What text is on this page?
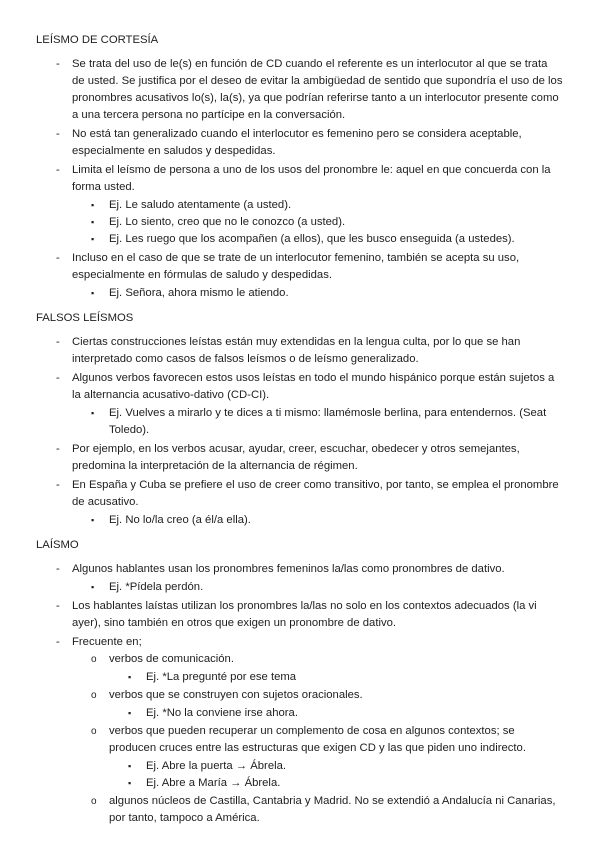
LEÍSMO DE CORTESÍA
- Se trata del uso de le(s) en función de CD cuando el referente es un interlocutor al que se trata de usted. Se justifica por el deseo de evitar la ambigüedad de sentido que supondría el uso de los pronombres acusativos lo(s), la(s), ya que podrían referirse tanto a un interlocutor presente como a una tercera persona no partícipe en la conversación.
- No está tan generalizado cuando el interlocutor es femenino pero se considera aceptable, especialmente en saludos y despedidas.
- Limita el leísmo de persona a uno de los usos del pronombre le: aquel en que concuerda con la forma usted.
▪ Ej. Le saludo atentamente (a usted).
▪ Ej. Lo siento, creo que no le conozco (a usted).
▪ Ej. Les ruego que los acompañen (a ellos), que les busco enseguida (a ustedes).
- Incluso en el caso de que se trate de un interlocutor femenino, también se acepta su uso, especialmente en fórmulas de saludo y despedidas.
▪ Ej. Señora, ahora mismo le atiendo.
FALSOS LEÍSMOS
- Ciertas construcciones leístas están muy extendidas en la lengua culta, por lo que se han interpretado como casos de falsos leísmos o de leísmo generalizado.
- Algunos verbos favorecen estos usos leístas en todo el mundo hispánico porque están sujetos a la alternancia acusativo-dativo (CD-CI).
▪ Ej. Vuelves a mirarlo y te dices a ti mismo: llamémosle berlina, para entendernos. (Seat Toledo).
- Por ejemplo, en los verbos acusar, ayudar, creer, escuchar, obedecer y otros semejantes, predomina la interpretación de la alternancia de régimen.
- En España y Cuba se prefiere el uso de creer como transitivo, por tanto, se emplea el pronombre de acusativo.
▪ Ej. No lo/la creo (a él/a ella).
LAÍSMO
- Algunos hablantes usan los pronombres femeninos la/las como pronombres de dativo.
▪ Ej. *Pídela perdón.
- Los hablantes laístas utilizan los pronombres la/las no solo en los contextos adecuados (la vi ayer), sino también en otros que exigen un pronombre de dativo.
- Frecuente en;
o verbos de comunicación.
▪ Ej. *La pregunté por ese tema
o verbos que se construyen con sujetos oracionales.
▪ Ej. *No la conviene irse ahora.
o verbos que pueden recuperar un complemento de cosa en algunos contextos; se producen cruces entre las estructuras que exigen CD y las que piden uno indirecto.
▪ Ej. Abre la puerta → Ábrela.
▪ Ej. Abre a María → Ábrela.
o algunos núcleos de Castilla, Cantabria y Madrid. No se extendió a Andalucía ni Canarias, por tanto, tampoco a América.
